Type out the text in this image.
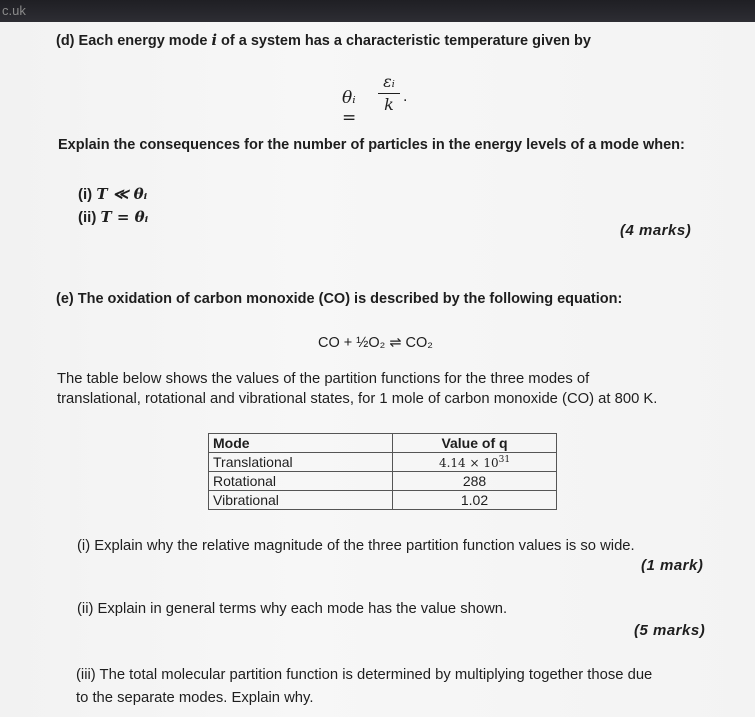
c.uk
(d) Each energy mode i of a system has a characteristic temperature given by
θᵢ =
εᵢ
k .
Explain the consequences for the number of particles in the energy levels of a mode when:
(i) T ≪ θᵢ
(ii) T = θᵢ
(4 marks)
(e) The oxidation of carbon monoxide (CO) is described by the following equation:
CO + ½O₂ ⇌ CO₂
The table below shows the values of the partition functions for the three modes of
translational, rotational and vibrational states, for 1 mole of carbon monoxide (CO) at 800 K.
Mode	Value of q
Translational	$4.14 \times 10^{31}$
Rotational	288
Vibrational	1.02
(i) Explain why the relative magnitude of the three partition function values is so wide.
(1 mark)
(ii) Explain in general terms why each mode has the value shown.
(5 marks)
(iii) The total molecular partition function is determined by multiplying together those due
to the separate modes. Explain why.
